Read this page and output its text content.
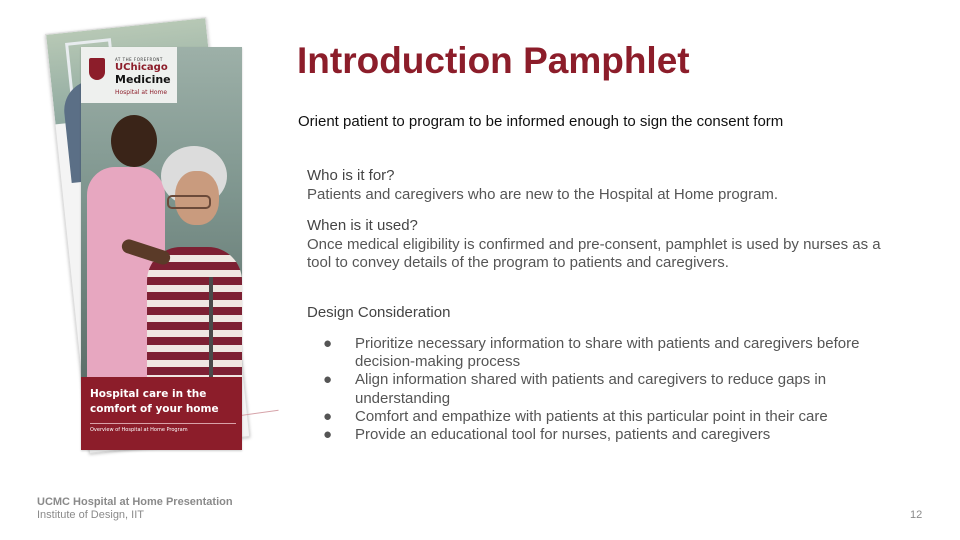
AT THE FOREFRONT
UChicago
Medicine
Hospital at Home
Hospital care in the comfort of your home
Overview of Hospital at Home Program
Introduction Pamphlet
Orient patient to program to be informed enough to sign the consent form
Who is it for?
Patients and caregivers who are new to the Hospital at Home program.
When is it used?
Once medical eligibility is confirmed and pre-consent, pamphlet is used by nurses as a tool to convey details of the program to patients and caregivers.
Design Consideration
● Prioritize necessary information to share with patients and caregivers before decision-making process
● Align information shared with patients and caregivers to reduce gaps in understanding
● Comfort and empathize with patients at this particular point in their care
● Provide an educational tool for nurses, patients and caregivers
UCMC Hospital at Home Presentation
Institute of Design, IIT	12
